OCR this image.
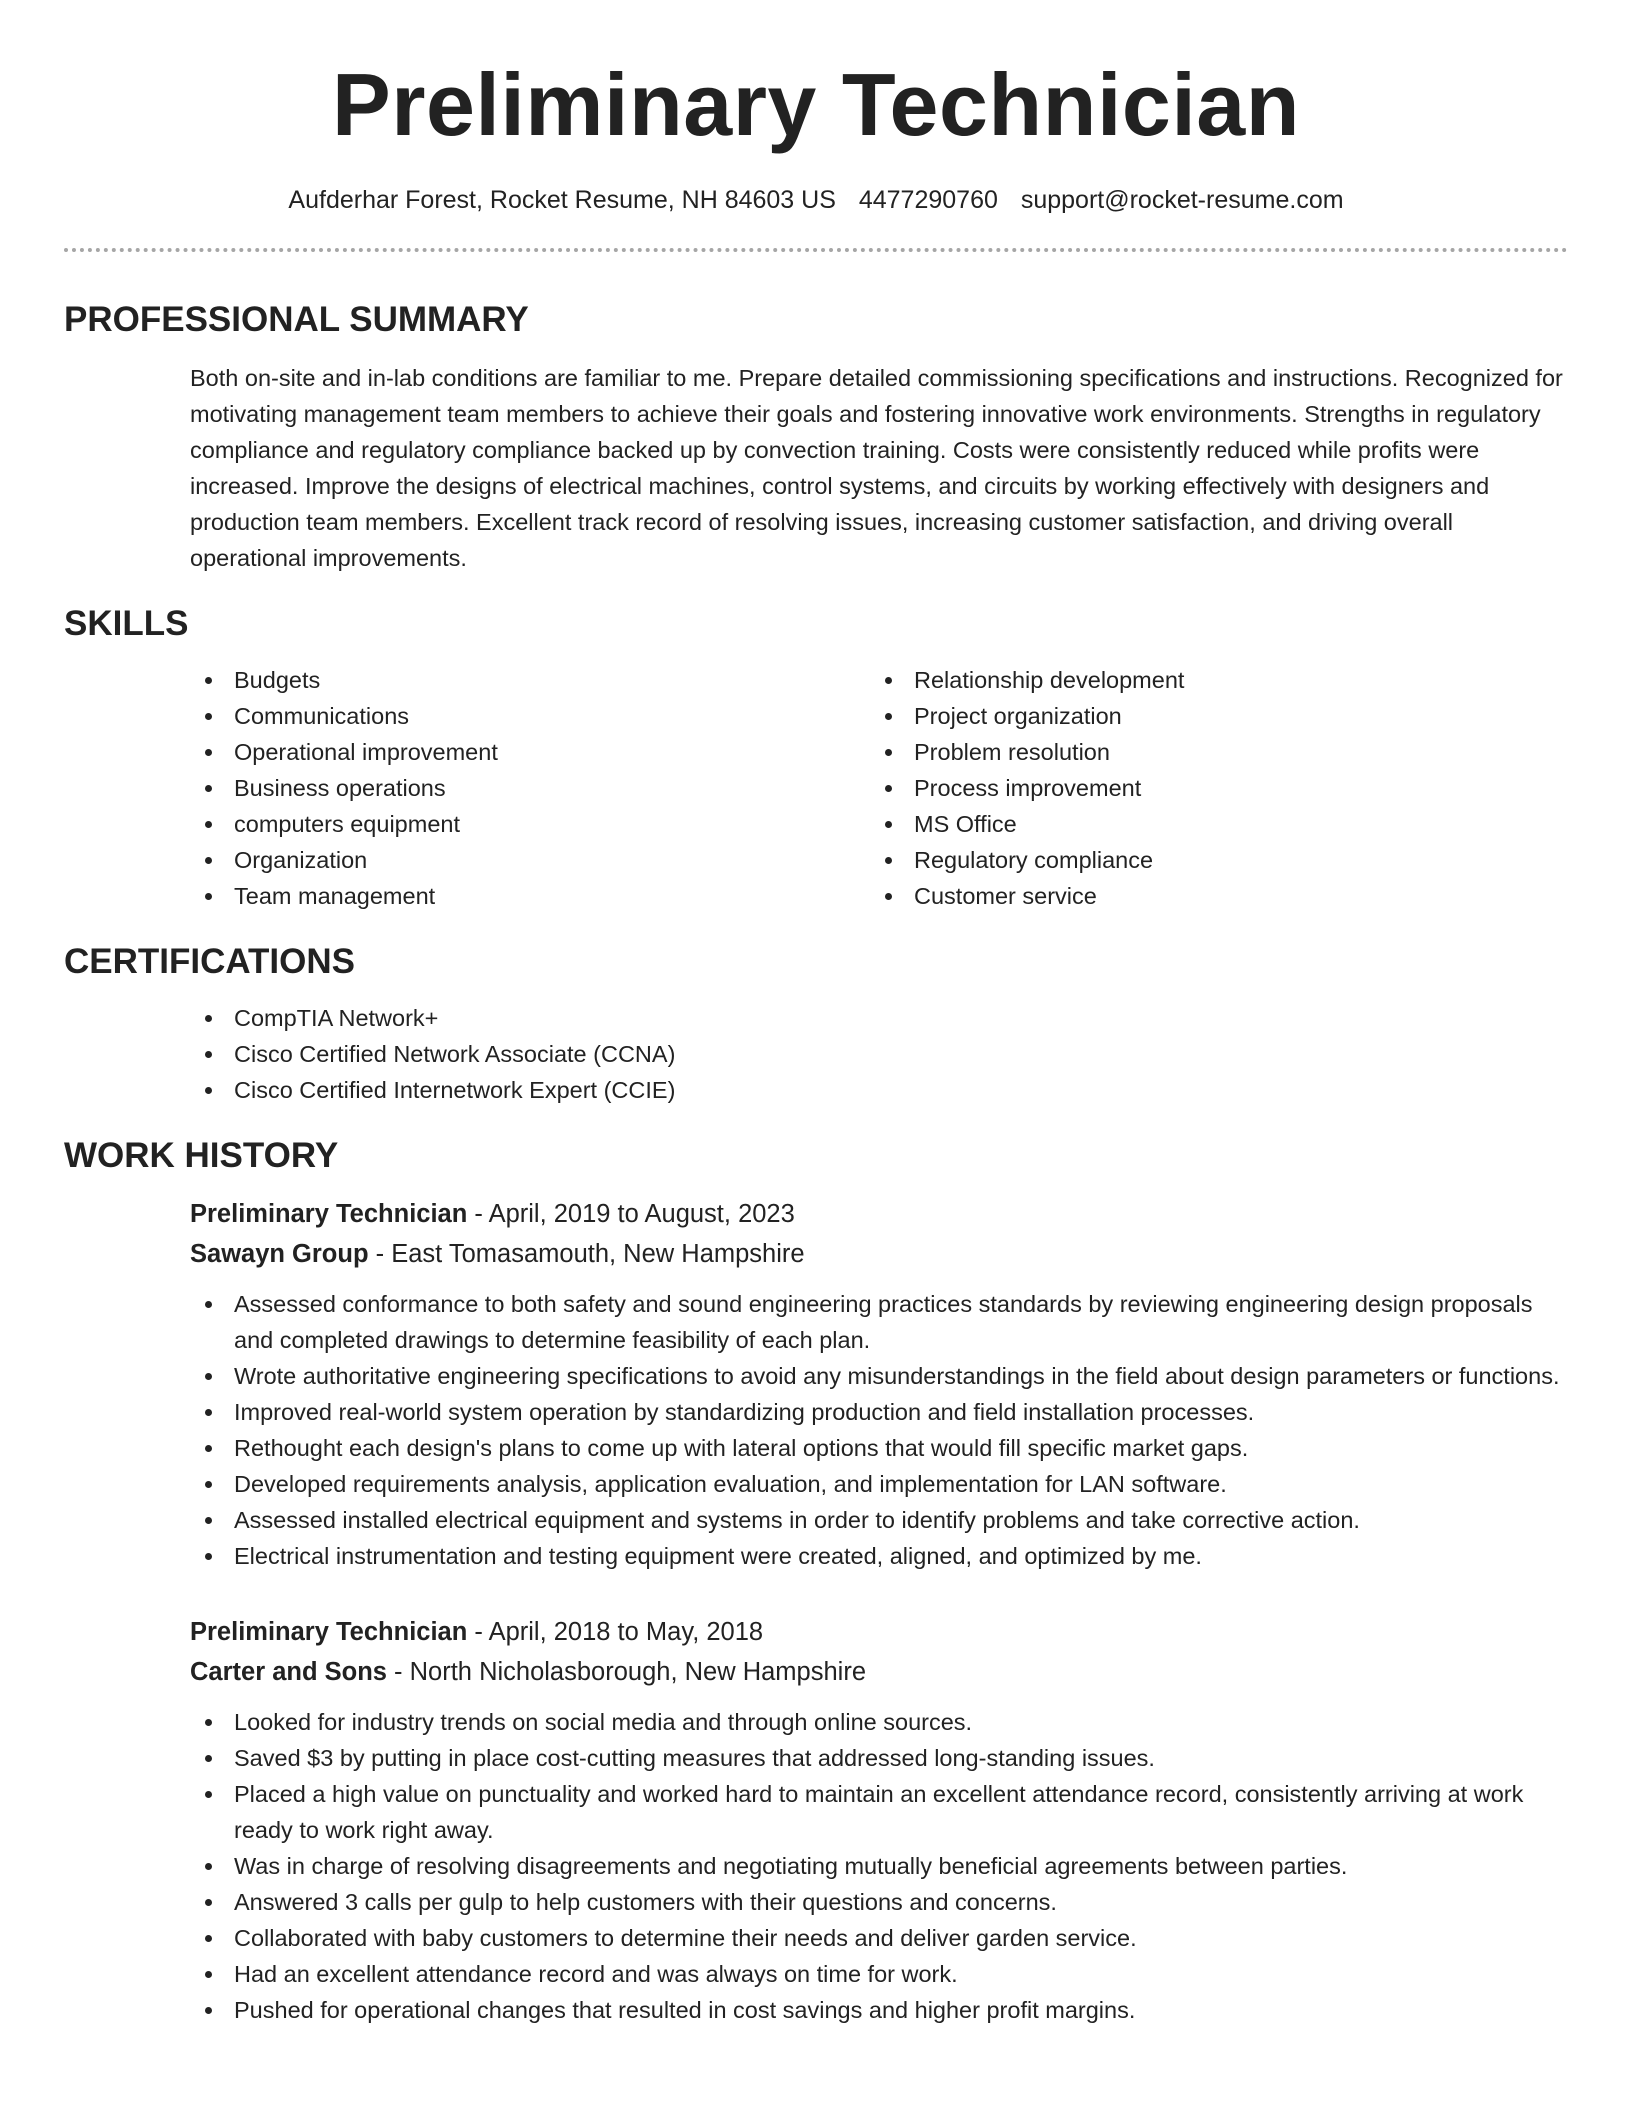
Preliminary Technician
Aufderhar Forest, Rocket Resume, NH 84603 US 4477290760 support@rocket-resume.com
PROFESSIONAL SUMMARY

Both on-site and in-lab conditions are familiar to me. Prepare detailed commissioning specifications and instructions. Recognized for motivating management team members to achieve their goals and fostering innovative work environments. Strengths in regulatory compliance and regulatory compliance backed up by convection training. Costs were consistently reduced while profits were increased. Improve the designs of electrical machines, control systems, and circuits by working effectively with designers and production team members. Excellent track record of resolving issues, increasing customer satisfaction, and driving overall operational improvements.

SKILLS
Budgets
Communications
Operational improvement
Business operations
computers equipment
Organization
Team management
Relationship development
Project organization
Problem resolution
Process improvement
MS Office
Regulatory compliance
Customer service
CERTIFICATIONS
CompTIA Network+
Cisco Certified Network Associate (CCNA)
Cisco Certified Internetwork Expert (CCIE)
WORK HISTORY
Preliminary Technician - April, 2019 to August, 2023
Sawayn Group - East Tomasamouth, New Hampshire
Assessed conformance to both safety and sound engineering practices standards by reviewing engineering design proposals and completed drawings to determine feasibility of each plan.
Wrote authoritative engineering specifications to avoid any misunderstandings in the field about design parameters or functions.
Improved real-world system operation by standardizing production and field installation processes.
Rethought each design's plans to come up with lateral options that would fill specific market gaps.
Developed requirements analysis, application evaluation, and implementation for LAN software.
Assessed installed electrical equipment and systems in order to identify problems and take corrective action.
Electrical instrumentation and testing equipment were created, aligned, and optimized by me.
Preliminary Technician - April, 2018 to May, 2018
Carter and Sons - North Nicholasborough, New Hampshire
Looked for industry trends on social media and through online sources.
Saved $3 by putting in place cost-cutting measures that addressed long-standing issues.
Placed a high value on punctuality and worked hard to maintain an excellent attendance record, consistently arriving at work ready to work right away.
Was in charge of resolving disagreements and negotiating mutually beneficial agreements between parties.
Answered 3 calls per gulp to help customers with their questions and concerns.
Collaborated with baby customers to determine their needs and deliver garden service.
Had an excellent attendance record and was always on time for work.
Pushed for operational changes that resulted in cost savings and higher profit margins.
